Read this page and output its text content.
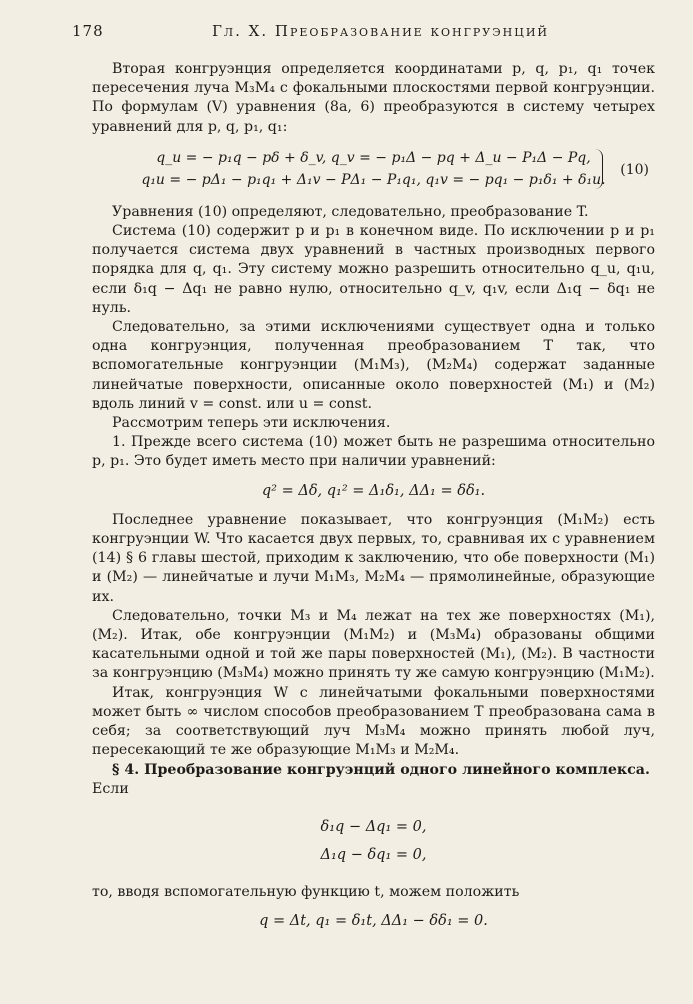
178	Гл. X. Преобразование конгруэнций

Вторая конгруэнция определяется координатами p, q, p₁, q₁ точек пересечения луча M₃M₄ с фокальными плоскостями первой конгруэнции. По формулам (V) уравнения (8а, 6) преобразуются в систему четырех уравнений для p, q, p₁, q₁:

q_u = − p₁q − pδ + δ_v, q_v = − p₁Δ − pq + Δ_u − P₁Δ − Pq,
q₁u = − pΔ₁ − p₁q₁ + Δ₁v − PΔ₁ − P₁q₁, q₁v = − pq₁ − p₁δ₁ + δ₁u.
(10)

Уравнения (10) определяют, следовательно, преобразование T.

Система (10) содержит p и p₁ в конечном виде. По исключении p и p₁ получается система двух уравнений в частных производных первого порядка для q, q₁. Эту систему можно разрешить относительно q_u, q₁u, если δ₁q − Δq₁ не равно нулю, относительно q_v, q₁v, если Δ₁q − δq₁ не нуль.

Следовательно, за этими исключениями существует одна и только одна конгруэнция, полученная преобразованием T так, что вспомогательные конгруэнции (M₁M₃), (M₂M₄) содержат заданные линейчатые поверхности, описанные около поверхностей (M₁) и (M₂) вдоль линий v = const. или u = const.

Рассмотрим теперь эти исключения.

1. Прежде всего система (10) может быть не разрешима относительно p, p₁. Это будет иметь место при наличии уравнений:

q² = Δδ, q₁² = Δ₁δ₁, ΔΔ₁ = δδ₁.

Последнее уравнение показывает, что конгруэнция (M₁M₂) есть конгруэнции W. Что касается двух первых, то, сравнивая их с уравнением (14) § 6 главы шестой, приходим к заключению, что обе поверхности (M₁) и (M₂) — линейчатые и лучи M₁M₃, M₂M₄ — прямолинейные, образующие их.

Следовательно, точки M₃ и M₄ лежат на тех же поверхностях (M₁), (M₂). Итак, обе конгруэнции (M₁M₂) и (M₃M₄) образованы общими касательными одной и той же пары поверхностей (M₁), (M₂). В частности за конгруэнцию (M₃M₄) можно принять ту же самую конгруэнцию (M₁M₂).

Итак, конгруэнция W с линейчатыми фокальными поверхностями может быть ∞ числом способов преобразованием T преобразована сама в себя; за соответствующий луч M₃M₄ можно принять любой луч, пересекающий те же образующие M₁M₃ и M₂M₄.

§ 4. Преобразование конгруэнций одного линейного комплекса.

Если

δ₁q − Δq₁ = 0,
Δ₁q − δq₁ = 0,

то, вводя вспомогательную функцию t, можем положить

q = Δt, q₁ = δ₁t, ΔΔ₁ − δδ₁ = 0.
